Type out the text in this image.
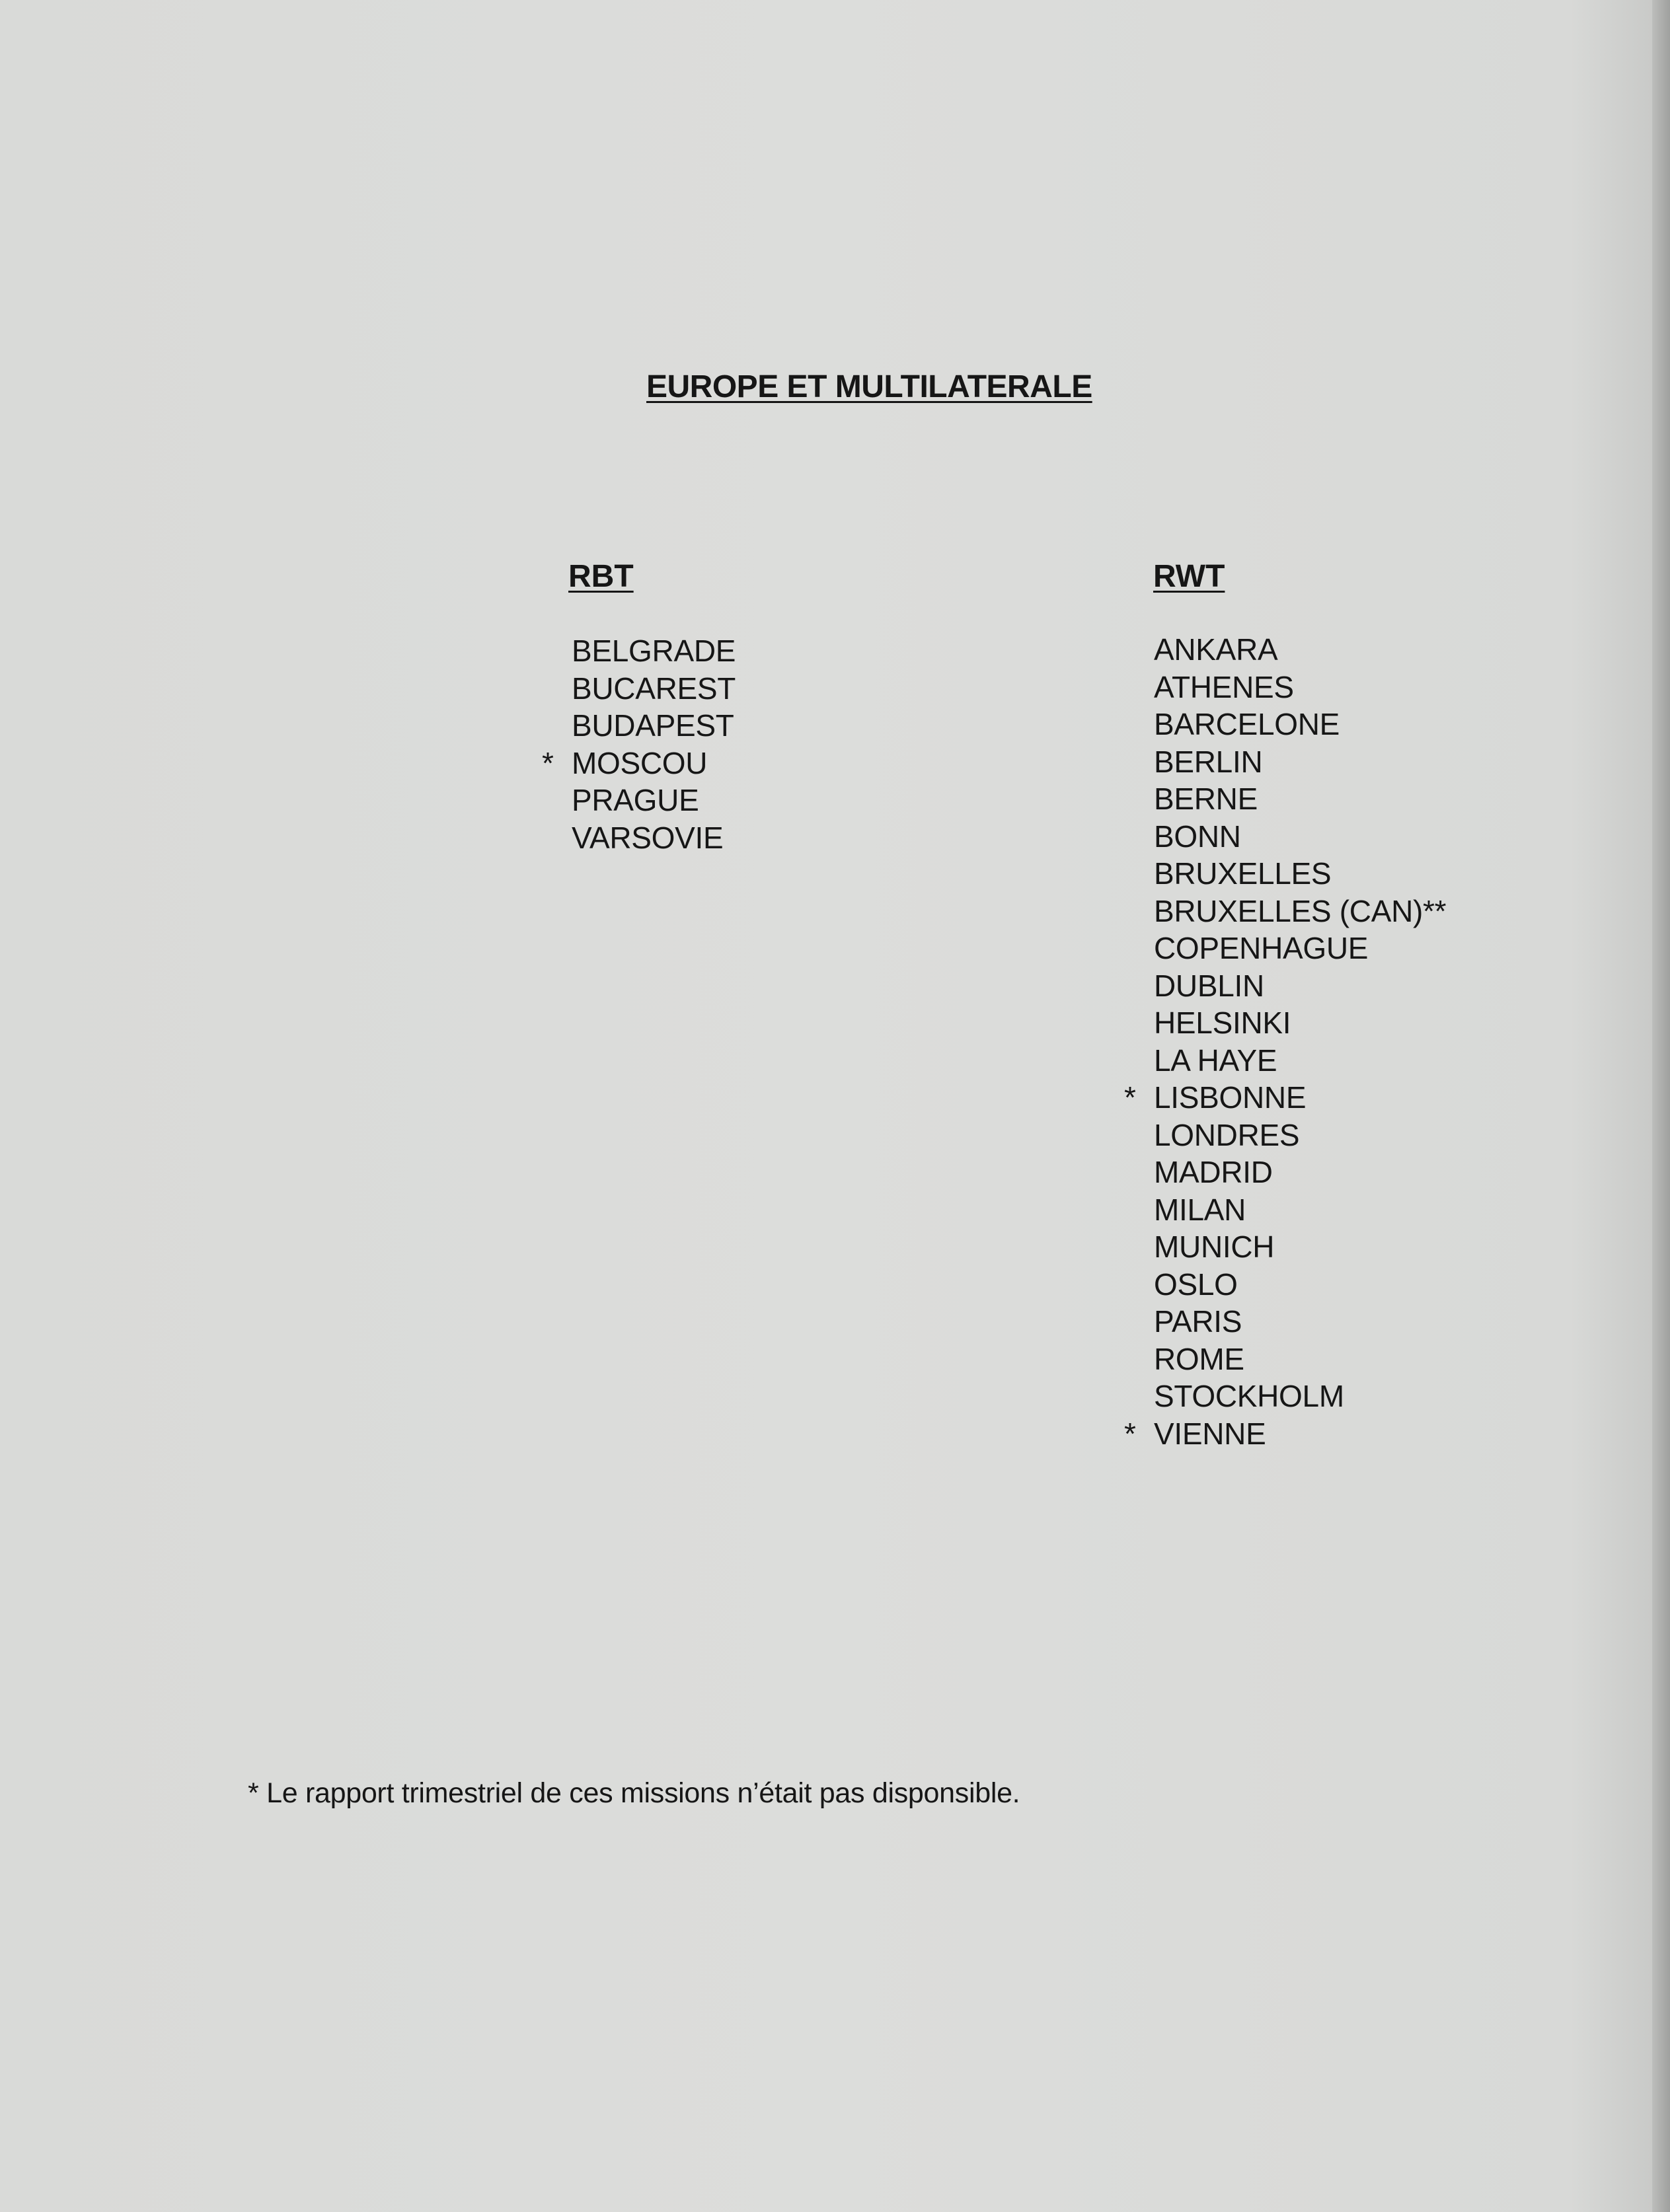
EUROPE ET MULTILATERALE
RBT
BELGRADE
BUCAREST
BUDAPEST
* MOSCOU
PRAGUE
VARSOVIE
RWT
ANKARA
ATHENES
BARCELONE
BERLIN
BERNE
BONN
BRUXELLES
BRUXELLES (CAN)**
COPENHAGUE
DUBLIN
HELSINKI
LA HAYE
* LISBONNE
LONDRES
MADRID
MILAN
MUNICH
OSLO
PARIS
ROME
STOCKHOLM
* VIENNE

* Le rapport trimestriel de ces missions n’était pas disponsible.
